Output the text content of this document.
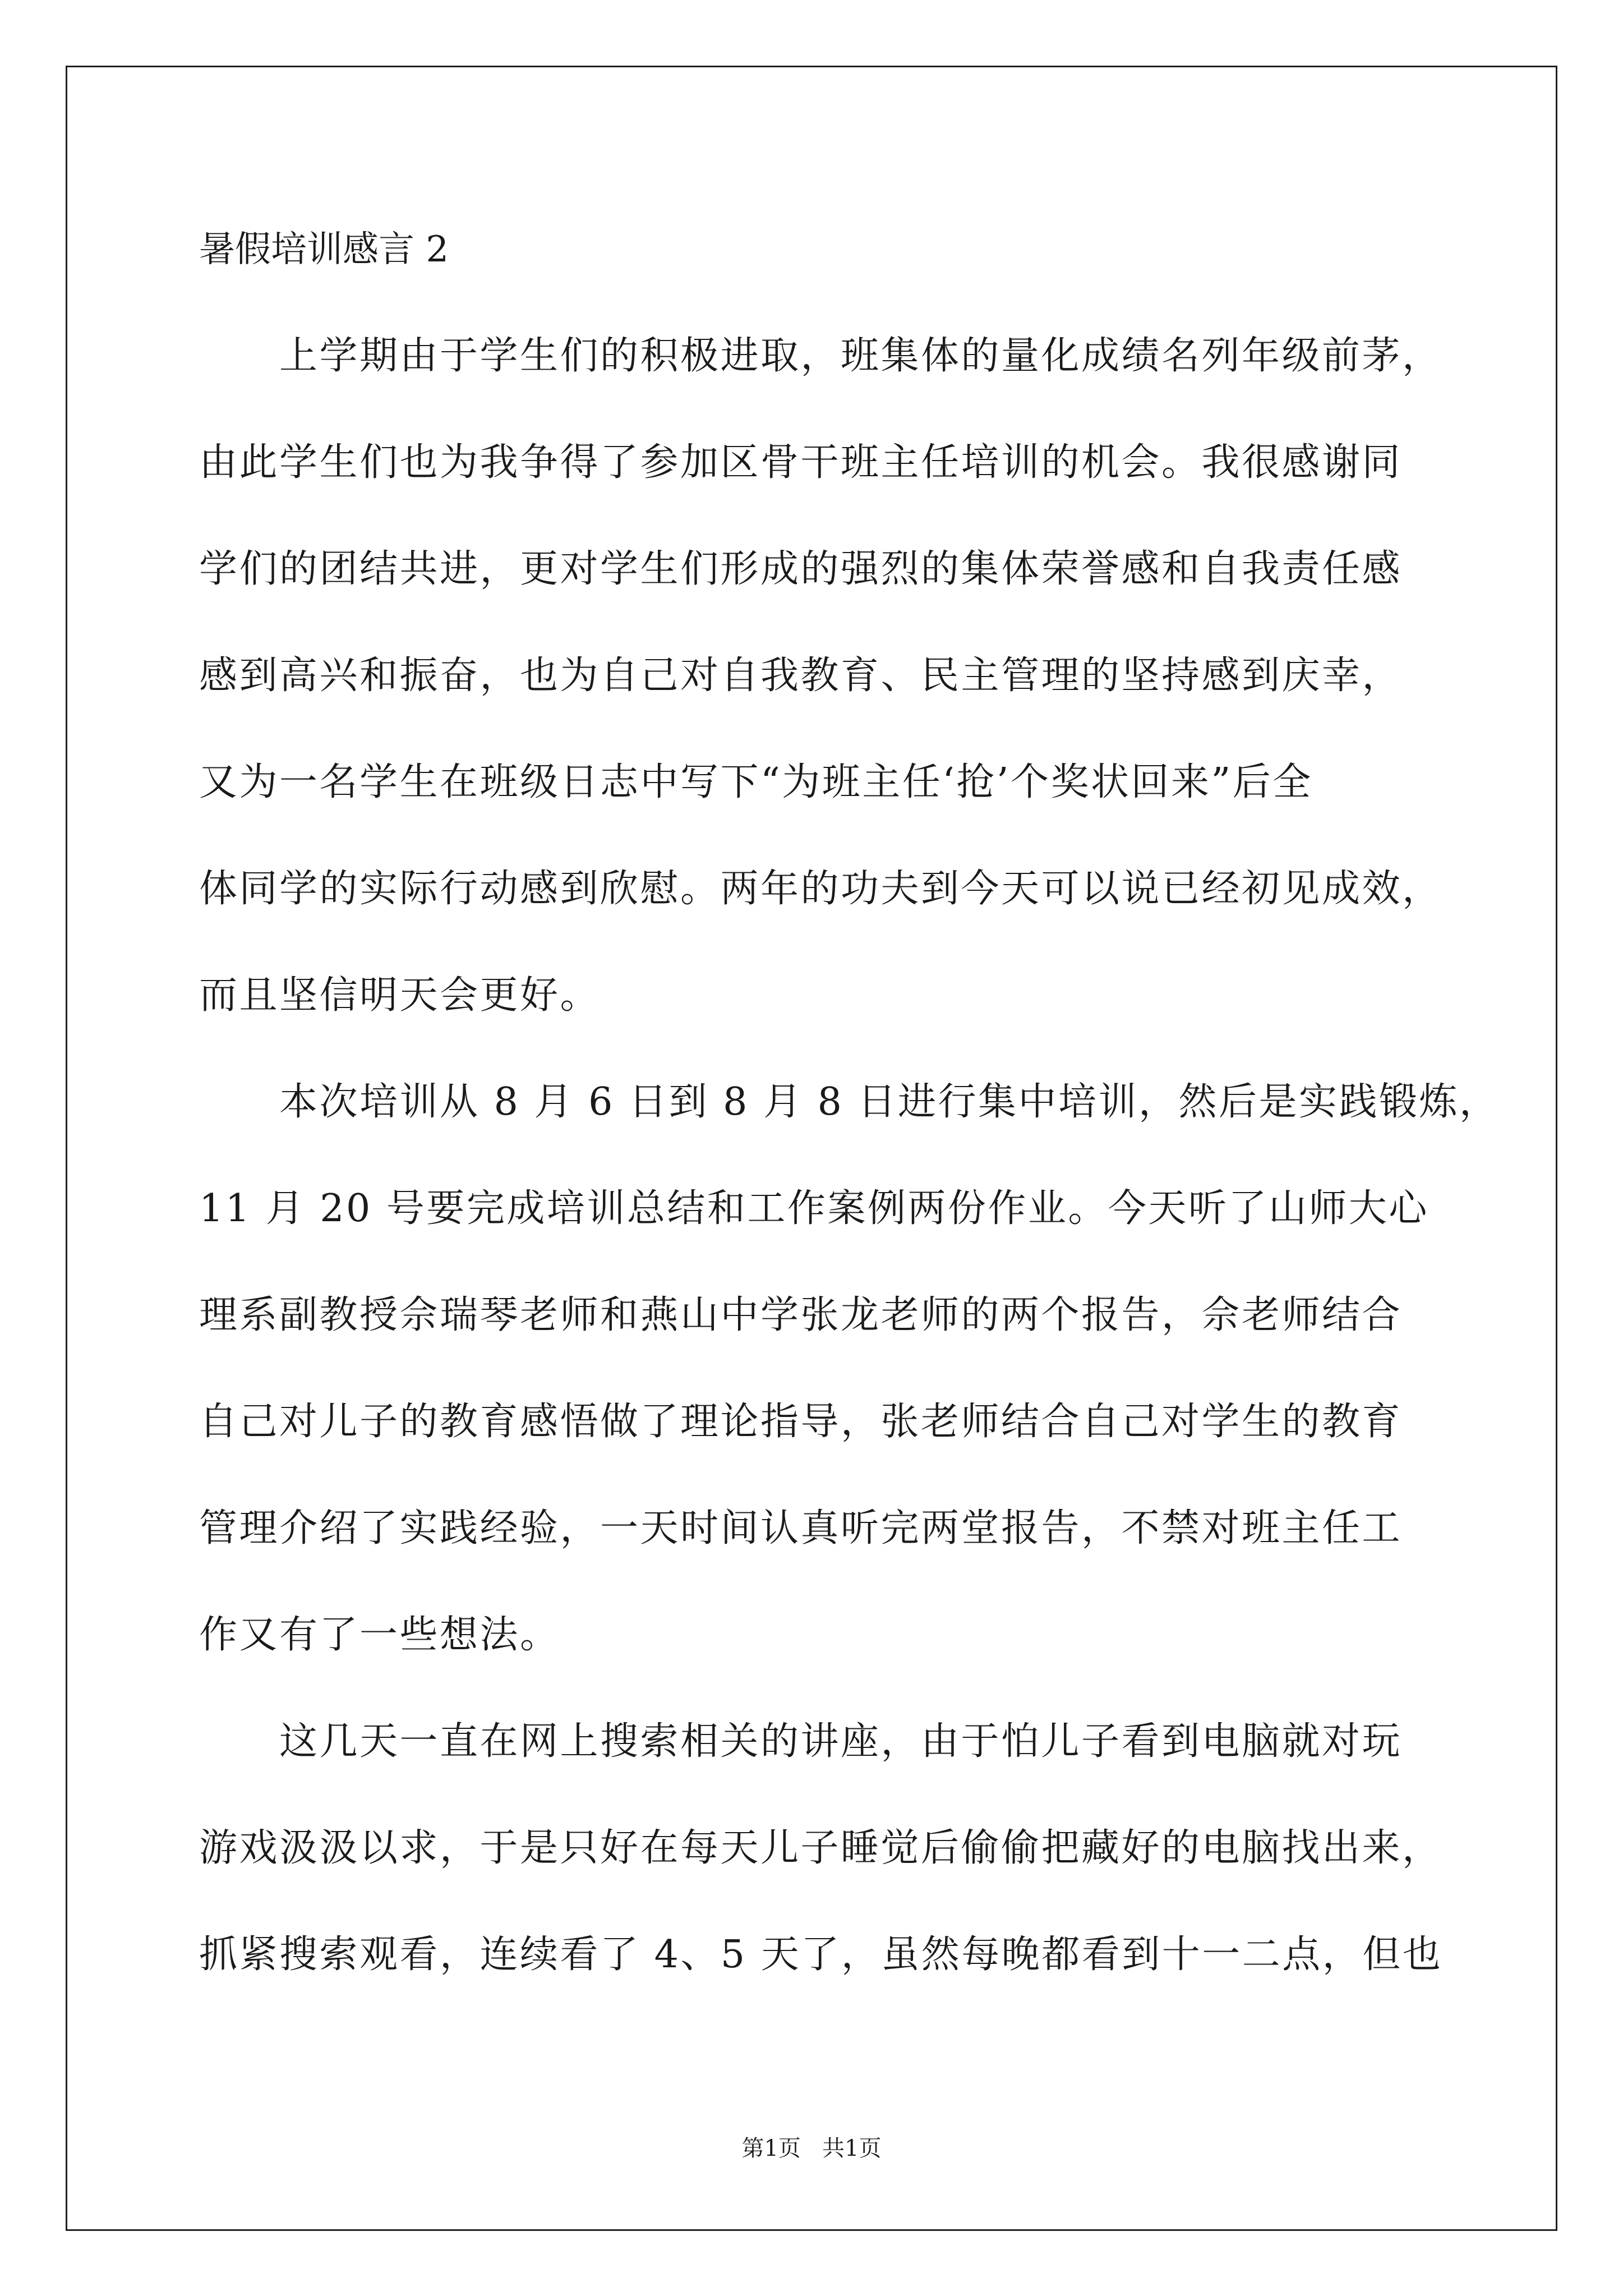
暑假培训感言 2
　　上学期由于学生们的积极进取，班集体的量化成绩名列年级前茅，
由此学生们也为我争得了参加区骨干班主任培训的机会。我很感谢同
学们的团结共进，更对学生们形成的强烈的集体荣誉感和自我责任感
感到高兴和振奋，也为自己对自我教育、民主管理的坚持感到庆幸，
又为一名学生在班级日志中写下“为班主任‘抢’个奖状回来”后全
体同学的实际行动感到欣慰。两年的功夫到今天可以说已经初见成效，
而且坚信明天会更好。
　　本次培训从 8 月 6 日到 8 月 8 日进行集中培训，然后是实践锻炼，
11 月 20 号要完成培训总结和工作案例两份作业。今天听了山师大心
理系副教授佘瑞琴老师和燕山中学张龙老师的两个报告，佘老师结合
自己对儿子的教育感悟做了理论指导，张老师结合自己对学生的教育
管理介绍了实践经验，一天时间认真听完两堂报告，不禁对班主任工
作又有了一些想法。
　　这几天一直在网上搜索相关的讲座，由于怕儿子看到电脑就对玩
游戏汲汲以求，于是只好在每天儿子睡觉后偷偷把藏好的电脑找出来，
抓紧搜索观看，连续看了 4、5 天了，虽然每晚都看到十一二点，但也
第1页   共1页
